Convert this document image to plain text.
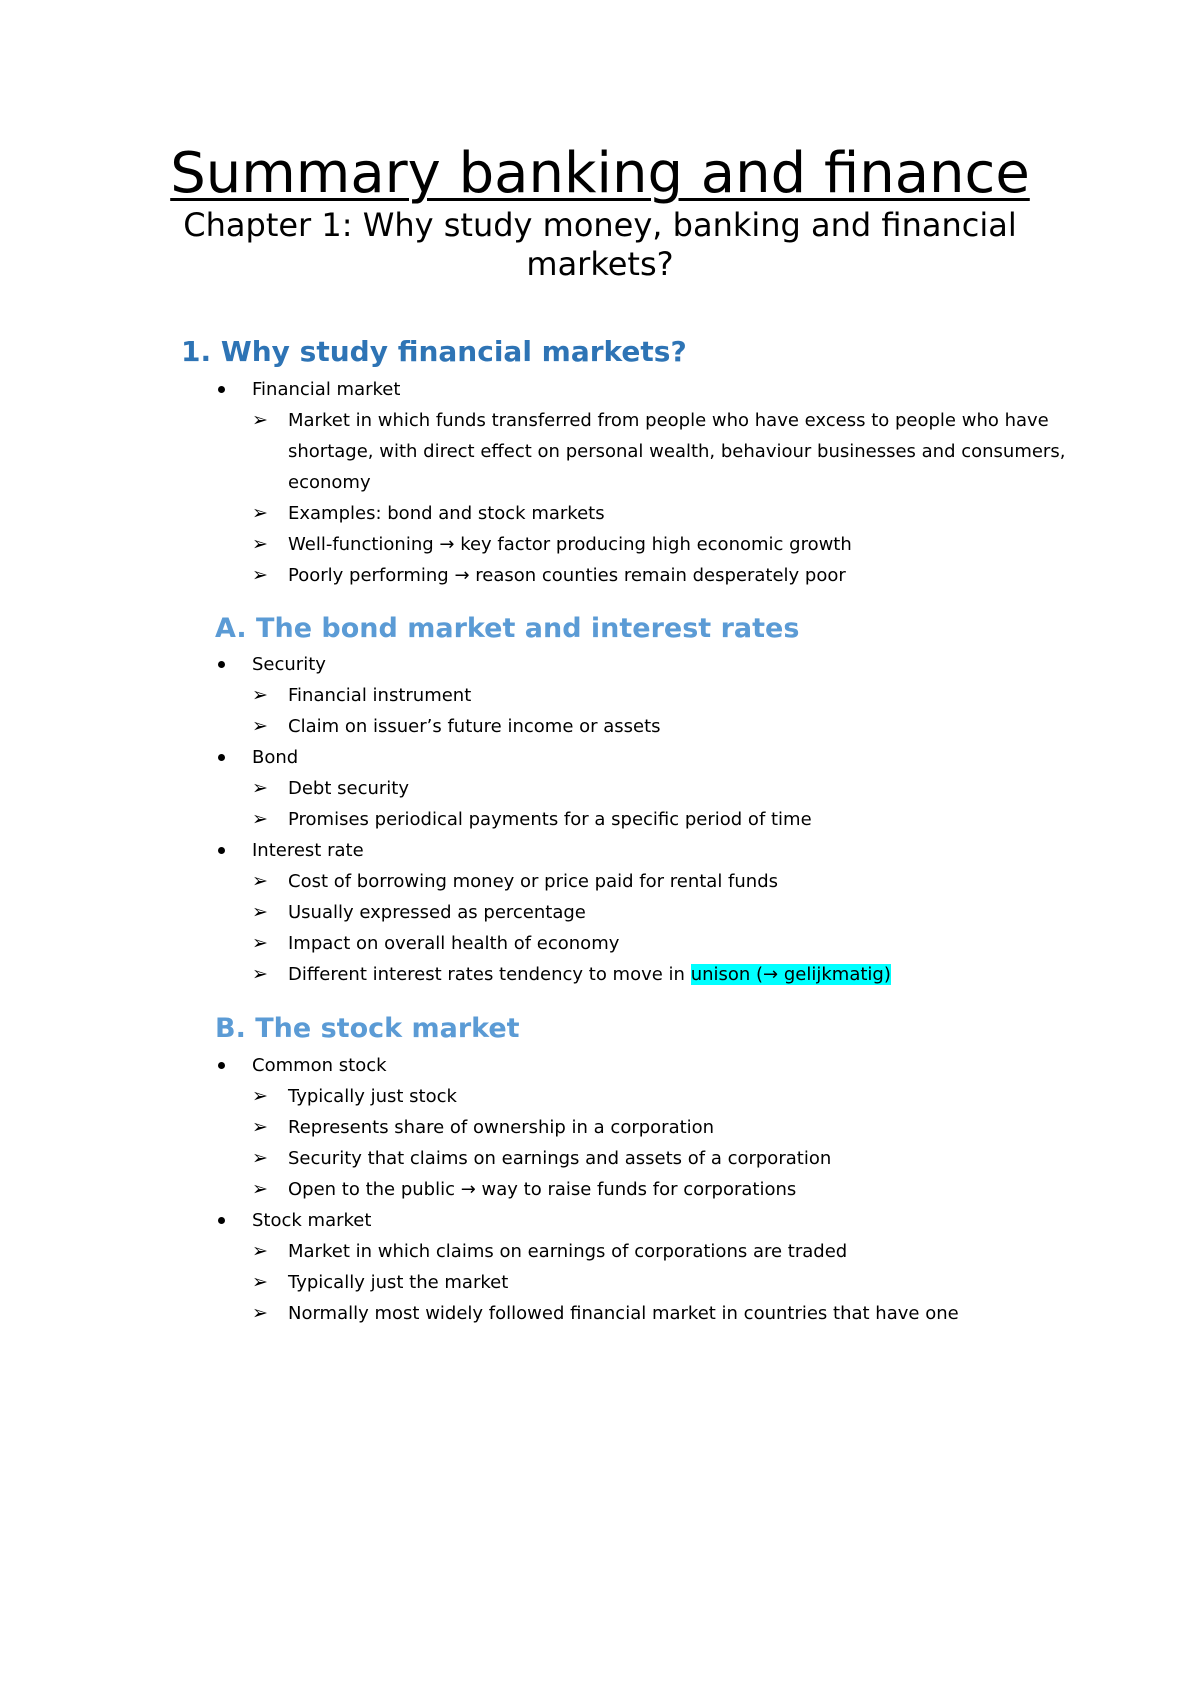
Summary banking and finance
Chapter 1: Why study money, banking and financial markets?
1. Why study financial markets?
Financial market
➢ Market in which funds transferred from people who have excess to people who have shortage, with direct effect on personal wealth, behaviour businesses and consumers, economy
➢ Examples: bond and stock markets
➢ Well-functioning → key factor producing high economic growth
➢ Poorly performing → reason counties remain desperately poor
A. The bond market and interest rates
Security
➢ Financial instrument
➢ Claim on issuer’s future income or assets
Bond
➢ Debt security
➢ Promises periodical payments for a specific period of time
Interest rate
➢ Cost of borrowing money or price paid for rental funds
➢ Usually expressed as percentage
➢ Impact on overall health of economy
➢ Different interest rates tendency to move in unison (→ gelijkmatig)
B. The stock market
Common stock
➢ Typically just stock
➢ Represents share of ownership in a corporation
➢ Security that claims on earnings and assets of a corporation
➢ Open to the public → way to raise funds for corporations
Stock market
➢ Market in which claims on earnings of corporations are traded
➢ Typically just the market
➢ Normally most widely followed financial market in countries that have one
